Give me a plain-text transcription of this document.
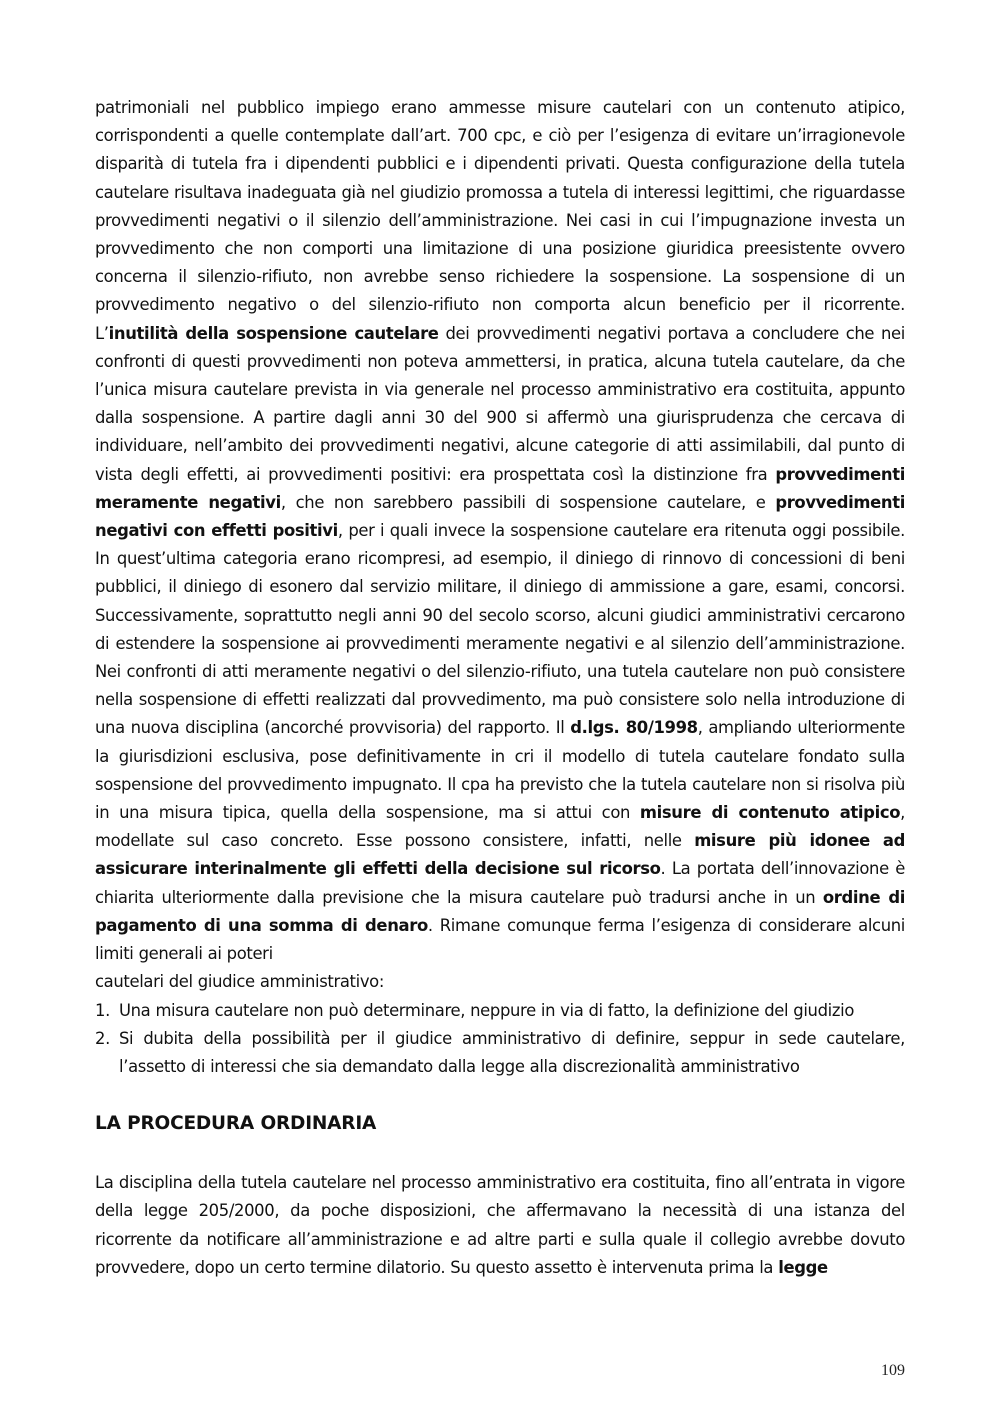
patrimoniali nel pubblico impiego erano ammesse misure cautelari con un contenuto atipico, corrispondenti a quelle contemplate dall’art. 700 cpc, e ciò per l’esigenza di evitare un’irragionevole disparità di tutela fra i dipendenti pubblici e i dipendenti privati. Questa configurazione della tutela cautelare risultava inadeguata già nel giudizio promossa a tutela di interessi legittimi, che riguardasse provvedimenti negativi o il silenzio dell’amministrazione. Nei casi in cui l’impugnazione investa un provvedimento che non comporti una limitazione di una posizione giuridica preesistente ovvero concerna il silenzio-rifiuto, non avrebbe senso richiedere la sospensione. La sospensione di un provvedimento negativo o del silenzio-rifiuto non comporta alcun beneficio per il ricorrente. L’inutilità della sospensione cautelare dei provvedimenti negativi portava a concludere che nei confronti di questi provvedimenti non poteva ammettersi, in pratica, alcuna tutela cautelare, da che l’unica misura cautelare prevista in via generale nel processo amministrativo era costituita, appunto dalla sospensione. A partire dagli anni 30 del 900 si affermò una giurisprudenza che cercava di individuare, nell’ambito dei provvedimenti negativi, alcune categorie di atti assimilabili, dal punto di vista degli effetti, ai provvedimenti positivi: era prospettata così la distinzione fra provvedimenti meramente negativi, che non sarebbero passibili di sospensione cautelare, e provvedimenti negativi con effetti positivi, per i quali invece la sospensione cautelare era ritenuta oggi possibile. In quest’ultima categoria erano ricompresi, ad esempio, il diniego di rinnovo di concessioni di beni pubblici, il diniego di esonero dal servizio militare, il diniego di ammissione a gare, esami, concorsi. Successivamente, soprattutto negli anni 90 del secolo scorso, alcuni giudici amministrativi cercarono di estendere la sospensione ai provvedimenti meramente negativi e al silenzio dell’amministrazione. Nei confronti di atti meramente negativi o del silenzio-rifiuto, una tutela cautelare non può consistere nella sospensione di effetti realizzati dal provvedimento, ma può consistere solo nella introduzione di una nuova disciplina (ancorché provvisoria) del rapporto. Il d.lgs. 80/1998, ampliando ulteriormente la giurisdizioni esclusiva, pose definitivamente in cri il modello di tutela cautelare fondato sulla sospensione del provvedimento impugnato. Il cpa ha previsto che la tutela cautelare non si risolva più in una misura tipica, quella della sospensione, ma si attui con misure di contenuto atipico, modellate sul caso concreto. Esse possono consistere, infatti, nelle misure più idonee ad assicurare interinalmente gli effetti della decisione sul ricorso. La portata dell’innovazione è chiarita ulteriormente dalla previsione che la misura cautelare può tradursi anche in un ordine di pagamento di una somma di denaro. Rimane comunque ferma l’esigenza di considerare alcuni limiti generali ai poteri

cautelari del giudice amministrativo:

1. Una misura cautelare non può determinare, neppure in via di fatto, la definizione del giudizio
2. Si dubita della possibilità per il giudice amministrativo di definire, seppur in sede cautelare, l’assetto di interessi che sia demandato dalla legge alla discrezionalità amministrativo
LA PROCEDURA ORDINARIA

La disciplina della tutela cautelare nel processo amministrativo era costituita, fino all’entrata in vigore della legge 205/2000, da poche disposizioni, che affermavano la necessità di una istanza del ricorrente da notificare all’amministrazione e ad altre parti e sulla quale il collegio avrebbe dovuto provvedere, dopo un certo termine dilatorio. Su questo assetto è intervenuta prima la legge

109
